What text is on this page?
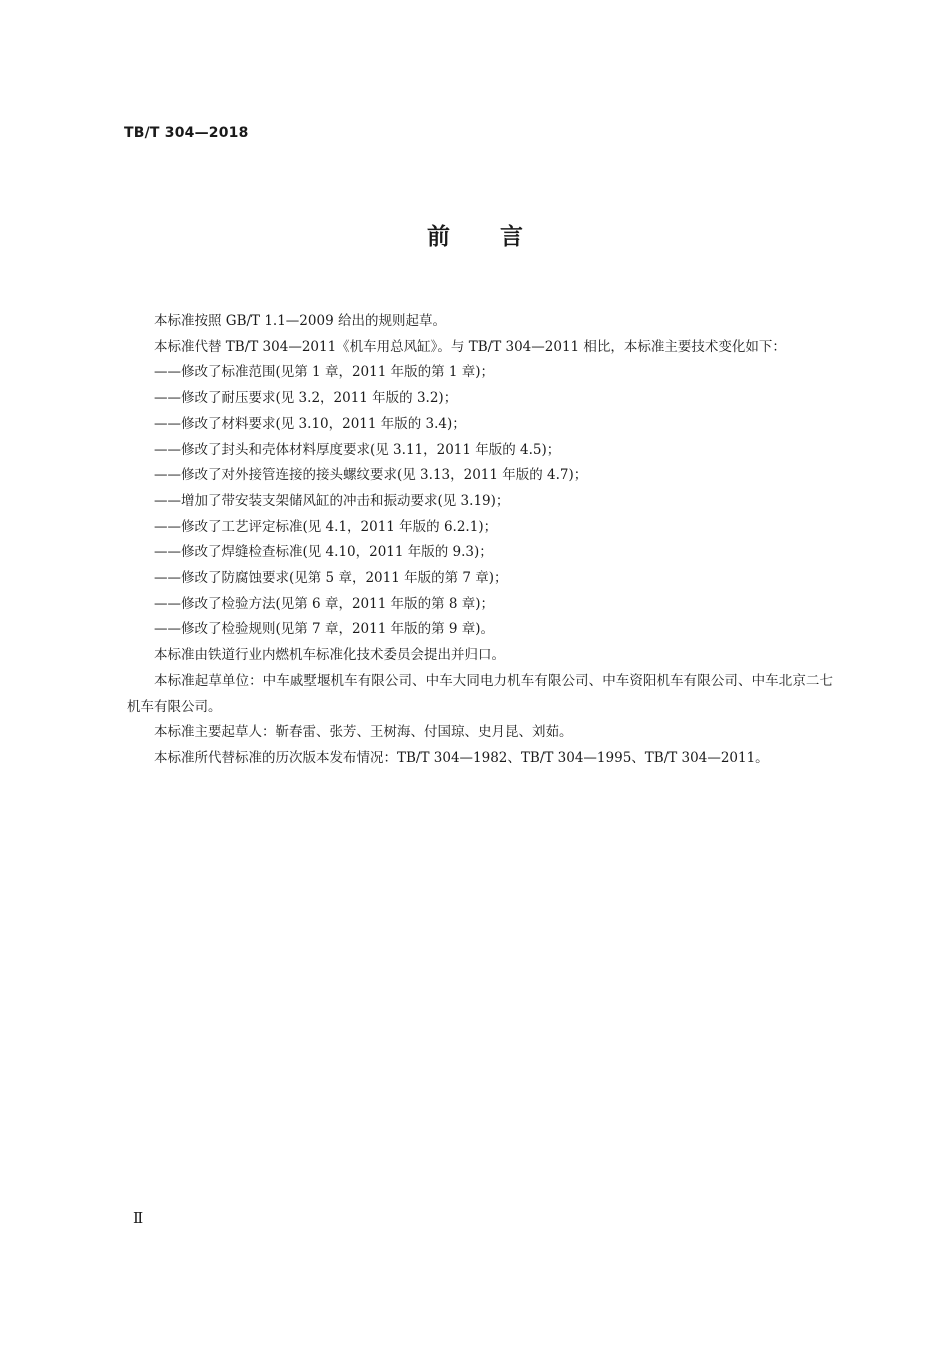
TB/T 304—2018
前言

本标准按照 GB/T 1.1—2009 给出的规则起草。

本标准代替 TB/T 304—2011《机车用总风缸》。与 TB/T 304—2011 相比，本标准主要技术变化如下：

——修改了标准范围(见第 1 章，2011 年版的第 1 章)；

——修改了耐压要求(见 3.2，2011 年版的 3.2)；

——修改了材料要求(见 3.10，2011 年版的 3.4)；

——修改了封头和壳体材料厚度要求(见 3.11，2011 年版的 4.5)；

——修改了对外接管连接的接头螺纹要求(见 3.13，2011 年版的 4.7)；

——增加了带安装支架储风缸的冲击和振动要求(见 3.19)；

——修改了工艺评定标准(见 4.1，2011 年版的 6.2.1)；

——修改了焊缝检查标准(见 4.10，2011 年版的 9.3)；

——修改了防腐蚀要求(见第 5 章，2011 年版的第 7 章)；

——修改了检验方法(见第 6 章，2011 年版的第 8 章)；

——修改了检验规则(见第 7 章，2011 年版的第 9 章)。

本标准由铁道行业内燃机车标准化技术委员会提出并归口。

本标准起草单位：中车戚墅堰机车有限公司、中车大同电力机车有限公司、中车资阳机车有限公司、中车北京二七机车有限公司。

本标准主要起草人：靳春雷、张芳、王树海、付国琼、史月昆、刘茹。

本标准所代替标准的历次版本发布情况：TB/T 304—1982、TB/T 304—1995、TB/T 304—2011。

Ⅱ
